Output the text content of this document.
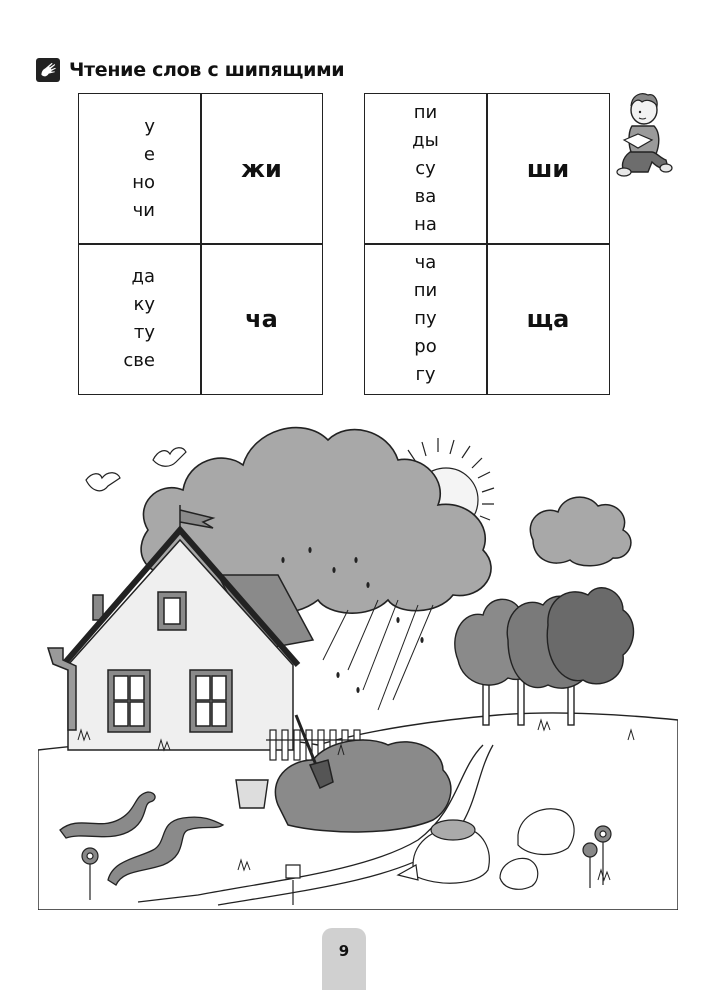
Чтение слов с шипящими
у
е
но
чи
жи
да
ку
ту
све
ча
пи
ды
су
ва
на
ши
ча
пи
пу
ро
гу
ща
9
